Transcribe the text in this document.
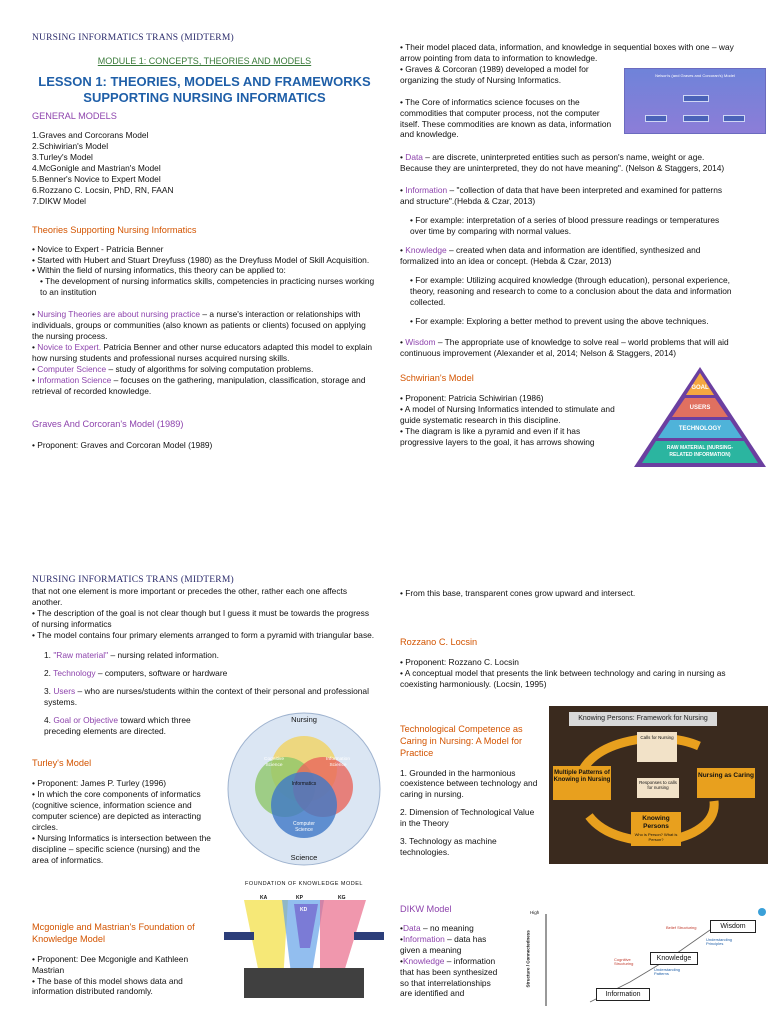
NURSING INFORMATICS TRANS (MIDTERM)
MODULE 1: CONCEPTS, THEORIES AND MODELS
LESSON 1: THEORIES, MODELS AND FRAMEWORKS
SUPPORTING NURSING INFORMATICS
GENERAL MODELS

1.Graves and Corcorans Model

2.Schiwirian's Model

3.Turley's Model

4.McGonigle and Mastrian's Model

5.Benner's Novice to Expert Model

6.Rozzano C. Locsin, PhD, RN, FAAN

7.DIKW Model

Theories Supporting Nursing Informatics

• Novice to Expert - Patricia Benner

• Started with Hubert and Stuart Dreyfuss (1980) as the Dreyfuss Model of Skill Acquisition.

• Within the field of nursing informatics, this theory can be applied to:

• The development of nursing informatics skills, competencies in practicing nurses working to an institution

• Nursing Theories are about nursing practice – a nurse's interaction or relationships with individuals, groups or communities (also known as patients or clients) focused on applying the nursing process.

• Novice to Expert. Patricia Benner and other nurse educators adapted this model to explain how nursing students and professional nurses acquired nursing skills.

• Computer Science – study of algorithms for solving computation problems.

• Information Science – focuses on the gathering, manipulation, classification, storage and retrieval of recorded knowledge.

Graves And Corcoran's Model (1989)

• Proponent: Graves and Corcoran Model (1989)

• Their model placed data, information, and knowledge in sequential boxes with one – way arrow pointing from data to information to knowledge.

• Graves & Corcoran (1989) developed a model for organizing the study of Nursing Informatics.

• The Core of informatics science focuses on the commodities that computer process, not the computer itself. These commodities are known as data, information and knowledge.

Nelson's (and Graves and Corcoran's) Model

• Data – are discrete, uninterpreted entities such as person's name, weight or age. Because they are uninterpreted, they do not have meaning". (Nelson & Staggers, 2014)

• Information – "collection of data that have been interpreted and examined for patterns and structure".(Hebda & Czar, 2013)

• For example: interpretation of a series of blood pressure readings or temperatures over time by comparing with normal values.

• Knowledge – created when data and information are identified, synthesized and formalized into an idea or concept. (Hebda & Czar, 2013)

• For example: Utilizing acquired knowledge (through education), personal experience, theory, reasoning and research to come to a conclusion about the data and information collected.

• For example: Exploring a better method to prevent using the above techniques.

• Wisdom – The appropriate use of knowledge to solve real – world problems that will aid continuous improvement (Alexander et al, 2014; Nelson & Staggers, 2014)

Schwirian's Model

• Proponent: Patricia Schiwirian (1986)

• A model of Nursing Informatics intended to stimulate and guide systematic research in this discipline.

• The diagram is like a pyramid and even if it has progressive layers to the goal, it has arrows showing

GOAL
USERS
TECHNOLOGY
RAW MATERIAL (NURSING-RELATED INFORMATION)
NURSING INFORMATICS TRANS (MIDTERM)

that not one element is more important or precedes the other, rather each one affects another.

• The description of the goal is not clear though but I guess it must be towards the progress of nursing informatics

• The model contains four primary elements arranged to form a pyramid with triangular base.

1. "Raw material" – nursing related information.

2. Technology – computers, software or hardware

3. Users – who are nurses/students within the context of their personal and professional systems.

4. Goal or Objective toward which three preceding elements are directed.

Turley's Model

• Proponent: James P. Turley (1996)

• In which the core components of informatics (cognitive science, information science and computer science) are depicted as interacting circles.

• Nursing Informatics is intersection between the discipline – specific science (nursing) and the area of informatics.

Mcgonigle and Mastrian's Foundation of Knowledge Model

• Proponent: Dee Mcgonigle and Kathleen Mastrian

• The base of this model shows data and information distributed randomly.

Nursing
Cognitive Science
Information Science
Informatics
Computer Science
Science
FOUNDATION OF KNOWLEDGE MODEL
KA	KP	KG
KD

• From this base, transparent cones grow upward and intersect.

Rozzano C. Locsin

• Proponent: Rozzano C. Locsin

• A conceptual model that presents the link between technology and caring in nursing as coexisting harmoniously. (Locsin, 1995)

Technological Competence as Caring in Nursing: A Model for Practice

1. Grounded in the harmonious coexistence between technology and caring in nursing.

2. Dimension of Technological Value in the Theory

3. Technology as machine technologies.

DIKW Model

•Data – no meaning

•Information – data has given a meaning

•Knowledge – information that has been synthesized so that interrelationships are identified and

Knowing Persons: Framework for Nursing
Calls for Nursing
Multiple Patterns of Knowing in Nursing
Nursing as Caring
Responses to calls for nursing
Knowing Persons
Who is Person? What is Person?
High
Structure / Connectedness
Wisdom
Belief Structuring
Understanding Principles
Knowledge
Cognitive Structuring
Understanding Patterns
Information
